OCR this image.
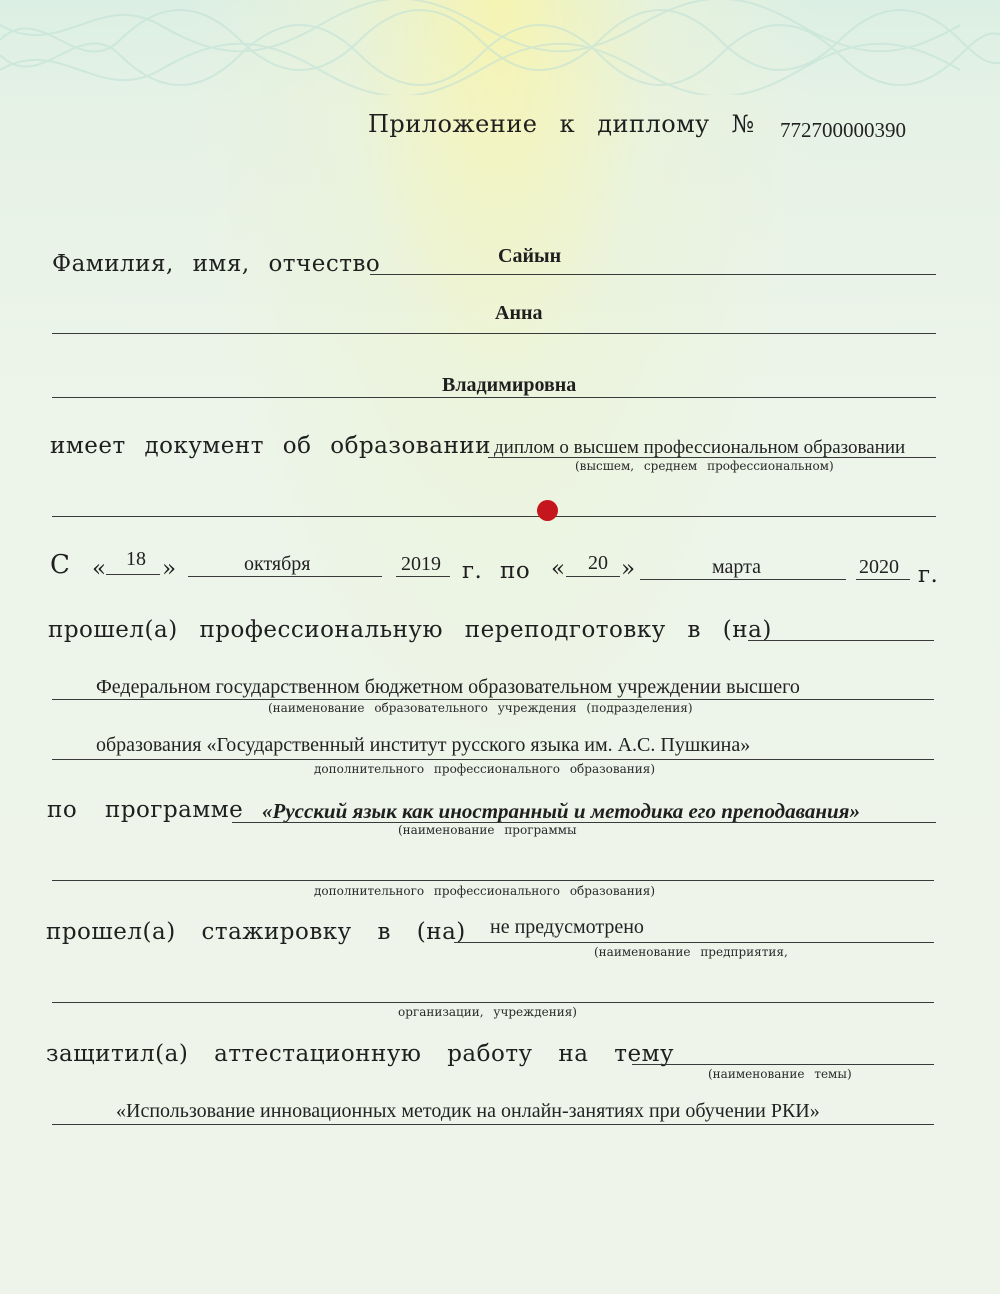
Приложение к дипломy № 772700000390
Фамилия, имя, отчество	Сайын
Анна
Владимировна
имеет документ об образовании диплом о высшем профессиональном образовании
(высшем, среднем профессиональном)
С « 18 »	октября	2019 г. по « 20 »	марта	2020 г.
прошел(а) профессиональную переподготовку в (на)
Федеральном государственном бюджетном образовательном учреждении высшего
(наименование образовательного учреждения (подразделения)
образования «Государственный институт русского языка им. А.С. Пушкина»
дополнительного профессионального образования)
по программе «Русский язык как иностранный и методика его преподавания»
(наименование программы
дополнительного профессионального образования)
прошел(а) стажировку в (на) не предусмотрено
(наименование предприятия,
организации, учреждения)
защитил(а) аттестационную работу на тему
(наименование темы)
«Использование инновационных методик на онлайн-занятиях при обучении РКИ»
